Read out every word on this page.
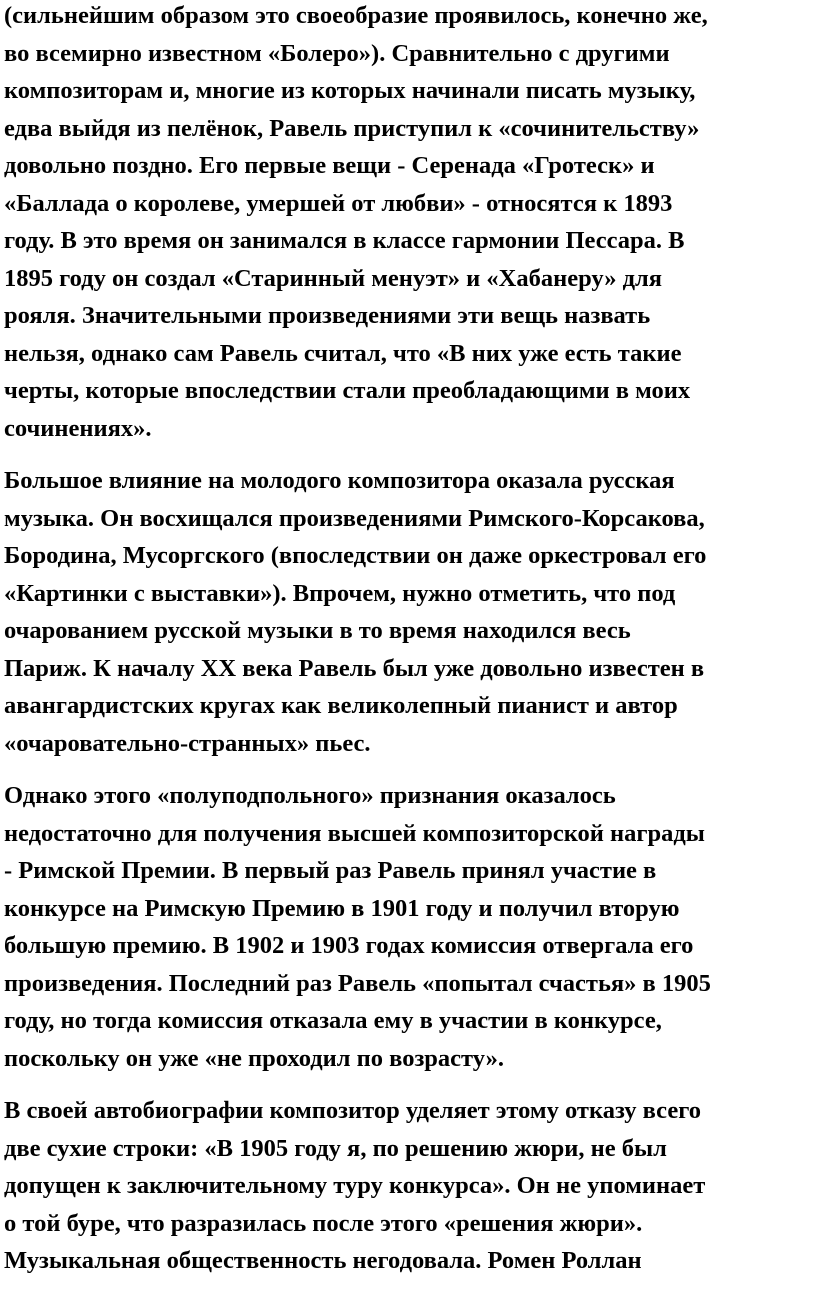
(сильнейшим образом это своеобразие проявилось, конечно же,
во всемирно известном «Болеро»). Сравнительно с другими
композиторам и, многие из которых начинали писать музыку,
едва выйдя из пелёнок, Равель приступил к «сочинительству»
довольно поздно. Его первые вещи - Серенада «Гротеск» и
«Баллада о королеве, умершей от любви» - относятся к 1893
году. В это время он занимался в классе гармонии Пессара. В
1895 году он создал «Старинный менуэт» и «Хабанеру» для
рояля. Значительными произведениями эти вещь назвать
нельзя, однако сам Равель считал, что «В них уже есть такие
черты, которые впоследствии стали преобладающими в моих
сочинениях».

Большое влияние на молодого композитора оказала русская
музыка. Он восхищался произведениями Римского-Корсакова,
Бородина, Мусоргского (впоследствии он даже оркестровал его
«Картинки с выставки»). Впрочем, нужно отметить, что под
очарованием русской музыки в то время находился весь
Париж. К началу XX века Равель был уже довольно известен в
авангардистских кругах как великолепный пианист и автор
«очаровательно-странных» пьес.

Однако этого «полуподпольного» признания оказалось
недостаточно для получения высшей композиторской награды
- Римской Премии. В первый раз Равель принял участие в
конкурсе на Римскую Премию в 1901 году и получил вторую
большую премию. В 1902 и 1903 годах комиссия отвергала его
произведения. Последний раз Равель «попытал счастья» в 1905
году, но тогда комиссия отказала ему в участии в конкурсе,
поскольку он уже «не проходил по возрасту».

В своей автобиографии композитор уделяет этому отказу всего
две сухие строки: «В 1905 году я, по решению жюри, не был
допущен к заключительному туру конкурса». Он не упоминает
о той буре, что разразилась после этого «решения жюри».
Музыкальная общественность негодовала. Ромен Роллан
